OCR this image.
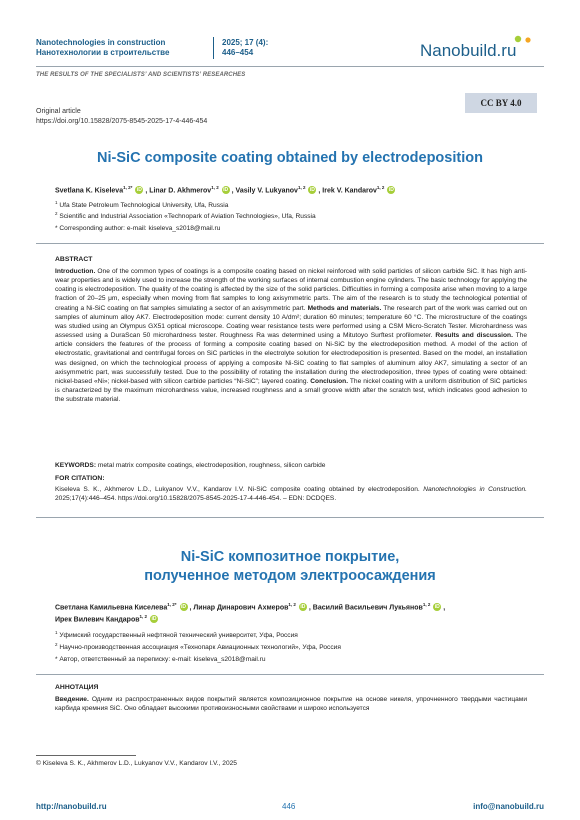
Nanotechnologies in construction
Нанотехнологии в строительстве
2025; 17 (4):
446–454	Nanobuild.ru
THE RESULTS OF THE SPECIALISTS’ AND SCIENTISTS’ RESEARCHES
CC BY 4.0
Original article
https://doi.org/10.15828/2075-8545-2025-17-4-446-454
Ni-SiC composite coating obtained by electrodeposition
Svetlana K. Kiseleva$^{1, 2*}$ iD , Linar D. Akhmerov$^{1, 2}$ iD , Vasily V. Lukyanov$^{1, 2}$ iD , Irek V. Kandarov$^{1, 2}$ iD
$^1$ Ufa State Petroleum Technological University, Ufa, Russia
$^2$ Scientific and Industrial Association «Technopark of Aviation Technologies», Ufa, Russia
* Corresponding author: e-mail: kiseleva_s2018@mail.ru
ABSTRACT
Introduction. One of the common types of coatings is a composite coating based on nickel reinforced with solid particles of silicon carbide SiC. It has high anti-wear properties and is widely used to increase the strength of the working surfaces of internal combustion engine cylinders. The basic technology for applying the coating is electrodeposition. The quality of the coating is affected by the size of the solid particles. Difficulties in forming a composite arise when moving to a large fraction of 20–25 μm, especially when moving from flat samples to long axisymmetric parts. The aim of the research is to study the technological potential of creating a Ni-SiC coating on flat samples simulating a sector of an axisymmetric part. Methods and materials. The research part of the work was carried out on samples of aluminum alloy AK7. Electrodeposition mode: current density 10 A/dm²; duration 60 minutes; temperature 60 °C. The microstructure of the coatings was studied using an Olympus GX51 optical microscope. Coating wear resistance tests were performed using a CSM Micro-Scratch Tester. Microhardness was assessed using a DuraScan 50 microhardness tester. Roughness Ra was determined using a Mitutoyo Surftest profilometer. Results and discussion. The article considers the features of the process of forming a composite coating based on Ni-SiC by the electrodeposition method. A model of the action of electrostatic, gravitational and centrifugal forces on SiC particles in the electrolyte solution for electrodeposition is presented. Based on the model, an installation was designed, on which the technological process of applying a composite Ni-SiC coating to flat samples of aluminum alloy AK7, simulating a sector of an axisymmetric part, was successfully tested. Due to the possibility of rotating the installation during the electrodeposition, three types of coating were obtained: nickel-based «Ni»; nickel-based with silicon carbide particles “Ni-SiC”; layered coating. Conclusion. The nickel coating with a uniform distribution of SiC particles is characterized by the maximum microhardness value, increased roughness and a small groove width after the scratch test, which indicates good adhesion to the substrate material.
KEYWORDS: metal matrix composite coatings, electrodeposition, roughness, silicon carbide
FOR CITATION:
Kiseleva S. K., Akhmerov L.D., Lukyanov V.V., Kandarov I.V. Ni-SiC composite coating obtained by electrodeposition. Nanotechnologies in Construction. 2025;17(4):446–454. https://doi.org/10.15828/2075-8545-2025-17-4-446-454. – EDN: DCDQES.
Ni-SiC композитное покрытие,
полученное методом электроосаждения
Светлана Камильевна Киселева$^{1, 2*}$ iD , Линар Динарович Ахмеров$^{1, 2}$ iD , Василий Васильевич Лукьянов$^{1, 2}$ iD ,
Ирек Вилевич Кандаров$^{1, 2}$ iD
$^1$ Уфимский государственный нефтяной технический университет, Уфа, Россия
$^2$ Научно-производственная ассоциация «Технопарк Авиационных технологий», Уфа, Россия
* Автор, ответственный за переписку: e-mail: kiseleva_s2018@mail.ru
АННОТАЦИЯ
Введение. Одним из распространенных видов покрытий является композиционное покрытие на основе никеля, упрочненного твердыми частицами карбида кремния SiC. Оно обладает высокими противоизносными свойствами и широко используется
© Kiseleva S. K., Akhmerov L.D., Lukyanov V.V., Kandarov I.V., 2025
http://nanobuild.ru	446	info@nanobuild.ru
